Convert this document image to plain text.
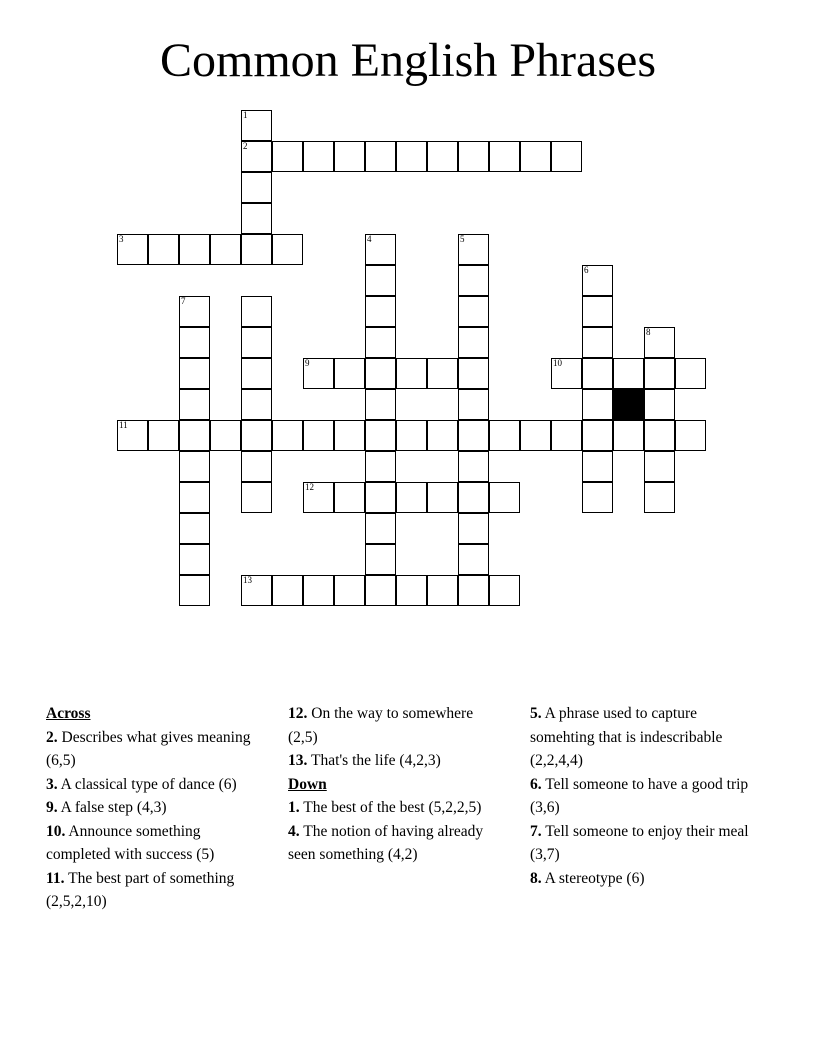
Common English Phrases
1
2
3	4	5
6
7
8
9	10
11
12
13

Across

2. Describes what gives meaning (6,5)

3. A classical type of dance (6)

9. A false step (4,3)

10. Announce something completed with success (5)

11. The best part of something (2,5,2,10)

12. On the way to somewhere (2,5)

13. That's the life (4,2,3)

Down

1. The best of the best (5,2,2,5)

4. The notion of having already seen something (4,2)

5. A phrase used to capture somehting that is indescribable (2,2,4,4)

6. Tell someone to have a good trip (3,6)

7. Tell someone to enjoy their meal (3,7)

8. A stereotype (6)
